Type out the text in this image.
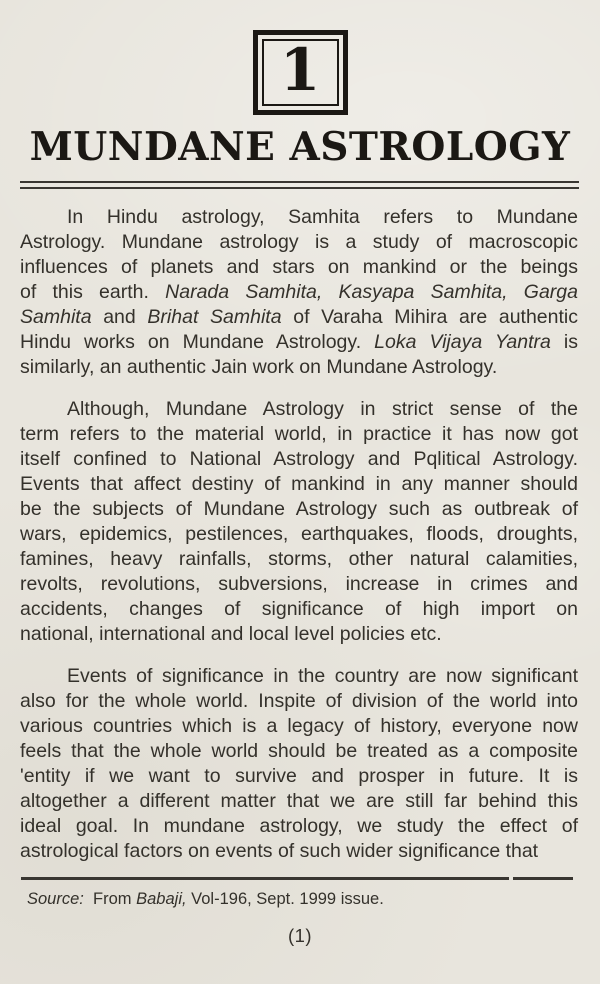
1
MUNDANE ASTROLOGY
In Hindu astrology, Samhita refers to Mundane
Astrology. Mundane astrology is a study of macroscopic
influences of planets and stars on mankind or the beings
of this earth. Narada Samhita, Kasyapa Samhita, Garga
Samhita and Brihat Samhita of Varaha Mihira are authentic
Hindu works on Mundane Astrology. Loka Vijaya Yantra is
similarly, an authentic Jain work on Mundane Astrology.
Although, Mundane Astrology in strict sense of the
term refers to the material world, in practice it has now got
itself confined to National Astrology and Pqlitical Astrology.
Events that affect destiny of mankind in any manner should
be the subjects of Mundane Astrology such as outbreak of
wars, epidemics, pestilences, earthquakes, floods, droughts,
famines, heavy rainfalls, storms, other natural calamities,
revolts, revolutions, subversions, increase in crimes and
accidents, changes of significance of high import on
national, international and local level policies etc.
Events of significance in the country are now significant
also for the whole world. Inspite of division of the world into
various countries which is a legacy of history, everyone now
feels that the whole world should be treated as a composite
'entity if we want to survive and prosper in future. It is
altogether a different matter that we are still far behind this
ideal goal. In mundane astrology, we study the effect of
astrological factors on events of such wider significance that
Source:  From Babaji, Vol-196, Sept. 1999 issue.
(1)
